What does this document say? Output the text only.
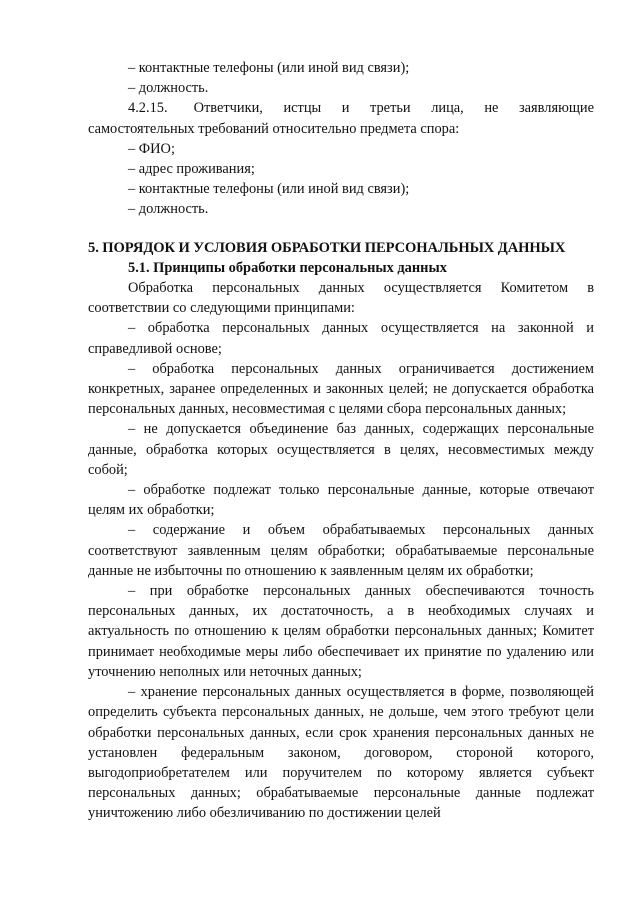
– контактные телефоны (или иной вид связи);

– должность.

4.2.15. Ответчики, истцы и третьи лица, не заявляющие самостоятельных требований относительно предмета спора:

– ФИО;

– адрес проживания;

– контактные телефоны (или иной вид связи);

– должность.

5. ПОРЯДОК И УСЛОВИЯ ОБРАБОТКИ ПЕРСОНАЛЬНЫХ ДАННЫХ

5.1. Принципы обработки персональных данных

Обработка персональных данных осуществляется Комитетом в соответствии со следующими принципами:

– обработка персональных данных осуществляется на законной и справедливой основе;

– обработка персональных данных ограничивается достижением конкретных, заранее определенных и законных целей; не допускается обработка персональных данных, несовместимая с целями сбора персональных данных;

– не допускается объединение баз данных, содержащих персональные данные, обработка которых осуществляется в целях, несовместимых между собой;

– обработке подлежат только персональные данные, которые отвечают целям их обработки;

– содержание и объем обрабатываемых персональных данных соответствуют заявленным целям обработки; обрабатываемые персональные данные не избыточны по отношению к заявленным целям их обработки;

– при обработке персональных данных обеспечиваются точность персональных данных, их достаточность, а в необходимых случаях и актуальность по отношению к целям обработки персональных данных; Комитет принимает необходимые меры либо обеспечивает их принятие по удалению или уточнению неполных или неточных данных;

– хранение персональных данных осуществляется в форме, позволяющей определить субъекта персональных данных, не дольше, чем этого требуют цели обработки персональных данных, если срок хранения персональных данных не установлен федеральным законом, договором, стороной которого, выгодоприобретателем или поручителем по которому является субъект персональных данных; обрабатываемые персональные данные подлежат уничтожению либо обезличиванию по достижении целей
